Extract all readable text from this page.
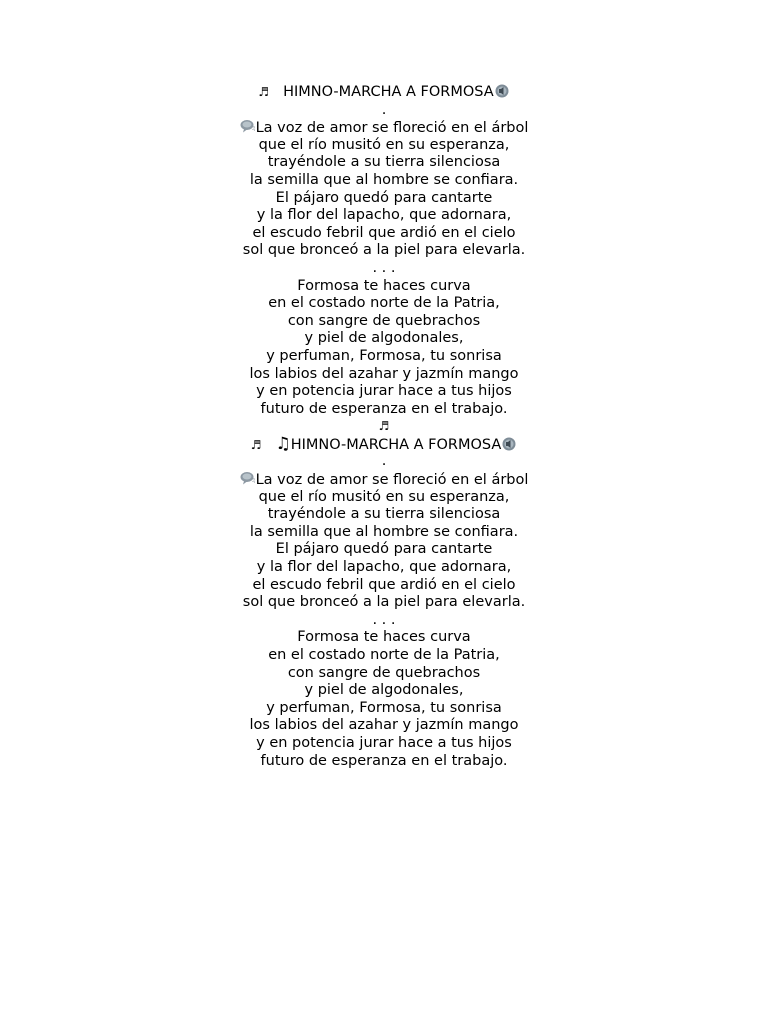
♬ HIMNO-MARCHA A FORMOSA
.
♫ La voz de amor se floreció en el árbol
que el río musitó en su esperanza,
trayéndole a su tierra silenciosa
la semilla que al hombre se confiara.
El pájaro quedó para cantarte
y la flor del lapacho, que adornara,
el escudo febril que ardió en el cielo
sol que bronceó a la piel para elevarla.
. . .
Formosa te haces curva
en el costado norte de la Patria,
con sangre de quebrachos
y piel de algodonales,
y perfuman, Formosa, tu sonrisa
los labios del azahar y jazmín mango
y en potencia jurar hace a tus hijos
futuro de esperanza en el trabajo.
♬
♬ ♫HIMNO-MARCHA A FORMOSA
.
♫ La voz de amor se floreció en el árbol
que el río musitó en su esperanza,
trayéndole a su tierra silenciosa
la semilla que al hombre se confiara.
El pájaro quedó para cantarte
y la flor del lapacho, que adornara,
el escudo febril que ardió en el cielo
sol que bronceó a la piel para elevarla.
. . .
Formosa te haces curva
en el costado norte de la Patria,
con sangre de quebrachos
y piel de algodonales,
y perfuman, Formosa, tu sonrisa
los labios del azahar y jazmín mango
y en potencia jurar hace a tus hijos
futuro de esperanza en el trabajo.
